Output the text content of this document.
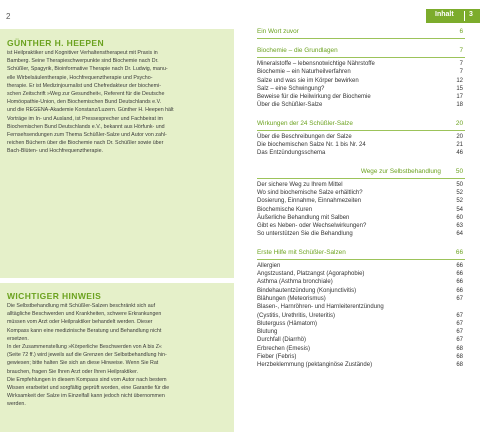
2	Inhalt 3
GÜNTHER H. HEEPEN
ist Heilpraktiker und Kognitiver Verhaltenstherapeut mit Praxis in
Bamberg. Seine Therapieschwerpunkte sind Biochemie nach Dr.
Schüßler, Spagyrik, Bioinformative Therapie nach Dr. Ludwig, manu-
elle Wirbelsäulentherapie, Hochfrequenztherapie und Psycho-
therapie. Er ist Medizinjournalist und Chefredakteur der biochemi-
schen Zeitschrift »Weg zur Gesundheit«, Referent für die Deutsche
Homöopathie-Union, den Biochemischen Bund Deutschlands e.V.
und die REGENA-Akademie Konstanz/Luzern. Günther H. Heepen hält
Vorträge im In- und Ausland, ist Pressesprecher und Fachbeirat im
Biochemischen Bund Deutschlands e.V., bekannt aus Hörfunk- und
Fernsehsendungen zum Thema Schüßler-Salze und Autor von zahl-
reichen Büchern über die Biochemie nach Dr. Schüßler sowie über
Bach-Blüten- und Hochfrequenztherapie.
WICHTIGER HINWEIS
Die Selbstbehandlung mit Schüßler-Salzen beschränkt sich auf
alltägliche Beschwerden und Krankheiten, schwere Erkrankungen
müssen vom Arzt oder Heilpraktiker behandelt werden. Dieser
Kompass kann eine medizinische Beratung und Behandlung nicht
ersetzen.
In der Zusammenstellung »Körperliche Beschwerden von A bis Z«
(Seite 72 ff.) wird jeweils auf die Grenzen der Selbstbehandlung hin-
gewiesen; bitte halten Sie sich an diese Hinweise. Wenn Sie Rat
brauchen, fragen Sie Ihren Arzt oder Ihren Heilpraktiker.
Die Empfehlungen in diesem Kompass sind vom Autor nach bestem
Wissen erarbeitet und sorgfältig geprüft worden, eine Garantie für die
Wirksamkeit der Salze im Einzelfall kann jedoch nicht übernommen
werden.
Ein Wort zuvor	6
Biochemie – die Grundlagen	7
Mineralstoffe – lebensnotwichtige Nährstoffe	7
Biochemie – ein Naturheilverfahren	7
Salze und was sie im Körper bewirken	12
Salz – eine Schwingung?	15
Beweise für die Heilwirkung der Biochemie	17
Über die Schüßler-Salze	18
Wirkungen der 24 Schüßler-Salze	20
Über die Beschreibungen der Salze	20
Die biochemischen Salze Nr. 1 bis Nr. 24	21
Das Entzündungsschema	46
Wege zur Selbstbehandlung 50
Der sichere Weg zu Ihrem Mittel	50
Wo sind biochemische Salze erhältlich?	52
Dosierung, Einnahme, Einnahmezeiten	52
Biochemische Kuren	54
Äußerliche Behandlung mit Salben	60
Gibt es Neben- oder Wechselwirkungen?	63
So unterstützen Sie die Behandlung	64
Erste Hilfe mit Schüßler-Salzen	66
Allergien	66
Angstzustand, Platzangst (Agoraphobie)	66
Asthma (Asthma bronchiale)	66
Bindehautentzündung (Konjunctivitis)	66
Blähungen (Meteorismus)	67
Blasen-, Harnröhren- und Harnleiterentzündung
(Cystitis, Urethritis, Ureteritis)	67
Bluterguss (Hämatom)	67
Blutung	67
Durchfall (Diarrhö)	67
Erbrechen (Emesis)	68
Fieber (Febris)	68
Herzbeklemmung (pektanginöse Zustände)	68
